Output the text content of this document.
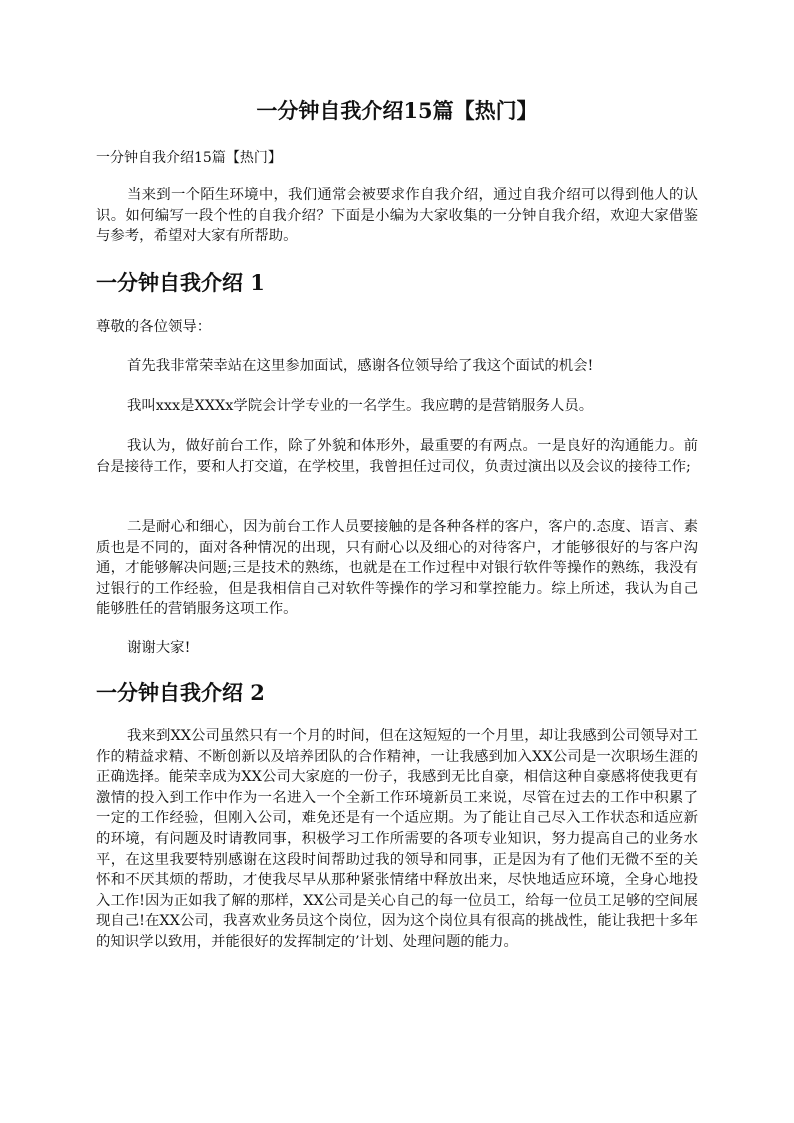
一分钟自我介绍15篇【热门】
一分钟自我介绍15篇【热门】

当来到一个陌生环境中，我们通常会被要求作自我介绍，通过自我介绍可以得到他人的认识。如何编写一段个性的自我介绍？下面是小编为大家收集的一分钟自我介绍，欢迎大家借鉴与参考，希望对大家有所帮助。

一分钟自我介绍 1

尊敬的各位领导：

首先我非常荣幸站在这里参加面试，感谢各位领导给了我这个面试的机会!

我叫xxx是XXXx学院会计学专业的一名学生。我应聘的是营销服务人员。

我认为，做好前台工作，除了外貌和体形外，最重要的有两点。一是良好的沟通能力。前台是接待工作，要和人打交道，在学校里，我曾担任过司仪，负责过演出以及会议的接待工作;

二是耐心和细心，因为前台工作人员要接触的是各种各样的客户，客户的.态度、语言、素质也是不同的，面对各种情况的出现，只有耐心以及细心的对待客户，才能够很好的与客户沟通，才能够解决问题;三是技术的熟练，也就是在工作过程中对银行软件等操作的熟练，我没有过银行的工作经验，但是我相信自己对软件等操作的学习和掌控能力。综上所述，我认为自己能够胜任的营销服务这项工作。

谢谢大家!

一分钟自我介绍 2

我来到XX公司虽然只有一个月的时间，但在这短短的一个月里，却让我感到公司领导对工作的精益求精、不断创新以及培养团队的合作精神，一让我感到加入XX公司是一次职场生涯的正确选择。能荣幸成为XX公司大家庭的一份子，我感到无比自豪，相信这种自豪感将使我更有激情的投入到工作中作为一名进入一个全新工作环境新员工来说，尽管在过去的工作中积累了一定的工作经验，但刚入公司，难免还是有一个适应期。为了能让自己尽入工作状态和适应新的环境，有问题及时请教同事，积极学习工作所需要的各项专业知识，努力提高自己的业务水平，在这里我要特别感谢在这段时间帮助过我的领导和同事，正是因为有了他们无微不至的关怀和不厌其烦的帮助，才使我尽早从那种紧张情绪中释放出来，尽快地适应环境，全身心地投入工作!因为正如我了解的那样，XX公司是关心自己的每一位员工，给每一位员工足够的空间展现自己!在XX公司，我喜欢业务员这个岗位，因为这个岗位具有很高的挑战性，能让我把十多年的知识学以致用，并能很好的发挥制定的’计划、处理问题的能力。
